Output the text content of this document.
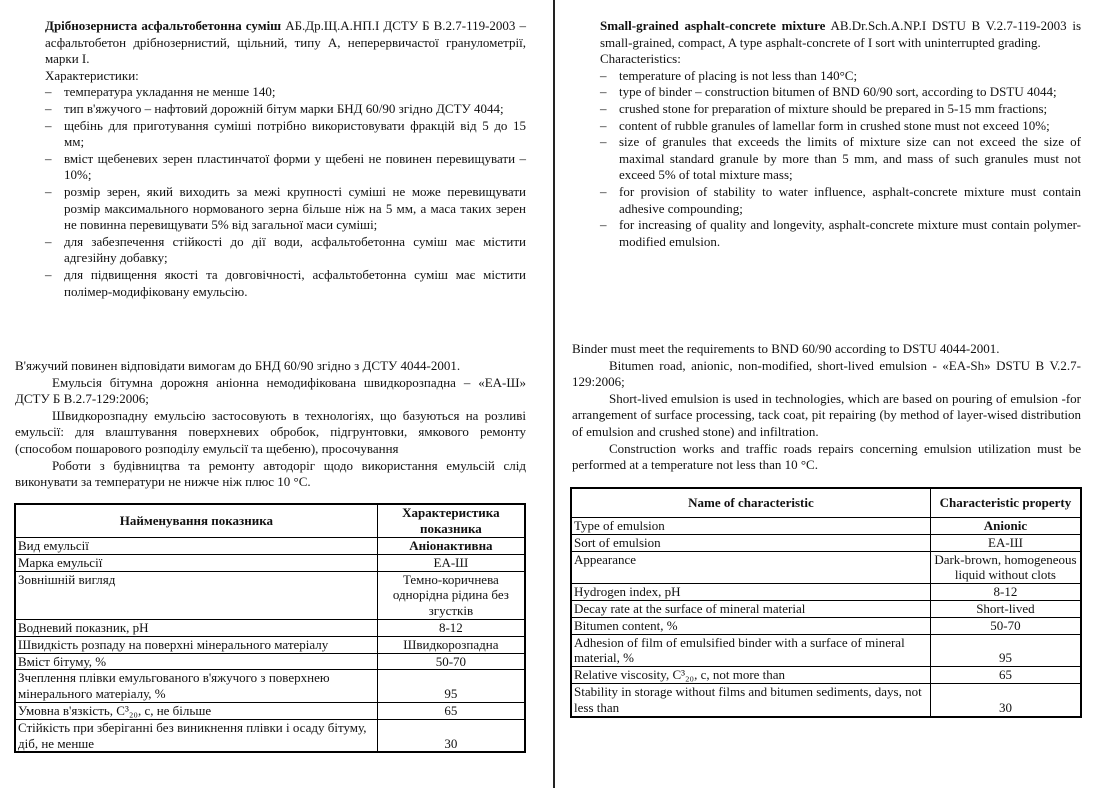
Дрібнозерниста асфальтобетонна суміш АБ.Др.Щ.А.НП.І ДСТУ Б В.2.7-119-2003 – асфальтобетон дрібнозернистий, щільний, типу А, неперервичастої гранулометрії, марки І.

Характеристики:

– температура укладання не менше 140;
– тип в'яжучого – нафтовий дорожній бітум марки БНД 60/90 згідно ДСТУ 4044;
– щебінь для приготування суміші потрібно використовувати фракцій від 5 до 15 мм;
– вміст щебеневих зерен пластинчатої форми у щебені не повинен перевищувати – 10%;
– розмір зерен, який виходить за межі крупності суміші не може перевищувати розмір максимального нормованого зерна більше ніж на 5 мм, а маса таких зерен не повинна перевищувати 5% від загальної маси суміші;
– для забезпечення стійкості до дії води, асфальтобетонна суміш має містити адгезійну добавку;
– для підвищення якості та довговічності, асфальтобетонна суміш має містити полімер-модифіковану емульсію.

В'яжучий повинен відповідати вимогам до БНД 60/90 згідно з ДСТУ 4044-2001.

Емульсія бітумна дорожня аніонна немодифікована швидкорозпадна – «ЕА-Ш» ДСТУ Б В.2.7-129:2006;

Швидкорозпадну емульсію застосовують в технологіях, що базуються на розливі емульсії: для влаштування поверхневих обробок, підгрунтовки, ямкового ремонту (способом пошарового розподілу емульсії та щебеню), просочування

Роботи з будівництва та ремонту автодоріг щодо використання емульсій слід виконувати за температури не нижче ніж плюс 10 °С.

Найменування показника	Характеристика показника
Вид емульсії	Аніонактивна
Марка емульсії	ЕА-Ш
Зовнішній вигляд	Темно-коричнева однорідна рідина без згустків
Водневий показник, рН	8-12
Швидкість розпаду на поверхні мінерального матеріалу	Швидкорозпадна
Вміст бітуму, %	50-70
Зчеплення плівки емульгованого в'яжучого з поверхнею мінерального матеріалу, %	95
Умовна в'язкість, С³₂₀, с, не більше	65
Стійкість при зберіганні без виникнення плівки і осаду бітуму, діб, не менше	30

Small-grained asphalt-concrete mixture AB.Dr.Sch.A.NP.I DSTU B V.2.7-119-2003 is small-grained, compact, A type asphalt-concrete of I sort with uninterrupted grading.

Characteristics:

– temperature of placing is not less than 140°C;
– type of binder – construction bitumen of BND 60/90 sort, according to DSTU 4044;
– crushed stone for preparation of mixture should be prepared in 5-15 mm fractions;
– content of rubble granules of lamellar form in crushed stone must not exceed 10%;
– size of granules that exceeds the limits of mixture size can not exceed the size of maximal standard granule by more than 5 mm, and mass of such granules must not exceed 5% of total mixture mass;
– for provision of stability to water influence, asphalt-concrete mixture must contain adhesive compounding;
– for increasing of quality and longevity, asphalt-concrete mixture must contain polymer-modified emulsion.

Binder must meet the requirements to BND 60/90 according to DSTU 4044-2001.

Bitumen road, anionic, non-modified, short-lived emulsion - «EA-Sh» DSTU B V.2.7-129:2006;

Short-lived emulsion is used in technologies, which are based on pouring of emulsion -for arrangement of surface processing, tack coat, pit repairing (by method of layer-wised distribution of emulsion and crushed stone) and infiltration.

Construction works and traffic roads repairs concerning emulsion utilization must be performed at a temperature not less than 10 °C.

Name of characteristic	Characteristic property
Type of emulsion	Anionic
Sort of emulsion	EA-Ш
Appearance	Dark-brown, homogeneous liquid without clots
Hydrogen index, pH	8-12
Decay rate at the surface of mineral material	Short-lived
Bitumen content, %	50-70
Adhesion of film of emulsified binder with a surface of mineral material, %	95
Relative viscosity, С³₂₀, с, not more than	65
Stability in storage without films and bitumen sediments, days, not less than	30
